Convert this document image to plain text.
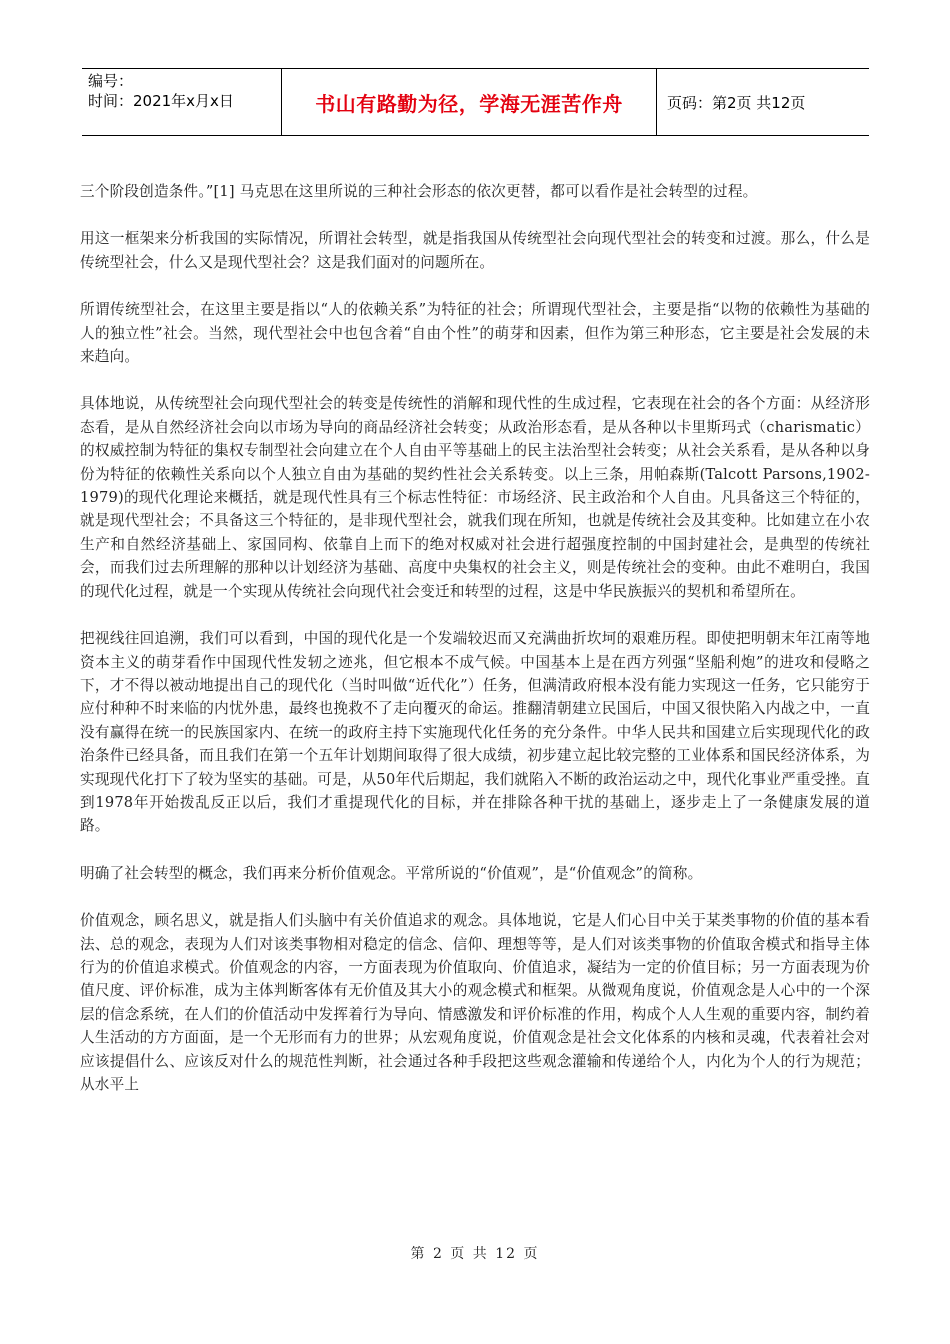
编号：
时间：2021年x月x日	书山有路勤为径，学海无涯苦作舟	页码：第2页 共12页

三个阶段创造条件。”[1] 马克思在这里所说的三种社会形态的依次更替，都可以看作是社会转型的过程。

用这一框架来分析我国的实际情况，所谓社会转型，就是指我国从传统型社会向现代型社会的转变和过渡。那么，什么是传统型社会，什么又是现代型社会？这是我们面对的问题所在。

所谓传统型社会，在这里主要是指以“人的依赖关系”为特征的社会；所谓现代型社会，主要是指“以物的依赖性为基础的人的独立性”社会。当然，现代型社会中也包含着“自由个性”的萌芽和因素，但作为第三种形态，它主要是社会发展的未来趋向。

具体地说，从传统型社会向现代型社会的转变是传统性的消解和现代性的生成过程，它表现在社会的各个方面：从经济形态看，是从自然经济社会向以市场为导向的商品经济社会转变；从政治形态看，是从各种以卡里斯玛式（charismatic）的权威控制为特征的集权专制型社会向建立在个人自由平等基础上的民主法治型社会转变；从社会关系看，是从各种以身份为特征的依赖性关系向以个人独立自由为基础的契约性社会关系转变。以上三条，用帕森斯(Talcott Parsons,1902-1979)的现代化理论来概括，就是现代性具有三个标志性特征：市场经济、民主政治和个人自由。凡具备这三个特征的，就是现代型社会；不具备这三个特征的，是非现代型社会，就我们现在所知，也就是传统社会及其变种。比如建立在小农生产和自然经济基础上、家国同构、依靠自上而下的绝对权威对社会进行超强度控制的中国封建社会，是典型的传统社会，而我们过去所理解的那种以计划经济为基础、高度中央集权的社会主义，则是传统社会的变种。由此不难明白，我国的现代化过程，就是一个实现从传统社会向现代社会变迁和转型的过程，这是中华民族振兴的契机和希望所在。

把视线往回追溯，我们可以看到，中国的现代化是一个发端较迟而又充满曲折坎坷的艰难历程。即使把明朝末年江南等地资本主义的萌芽看作中国现代性发轫之迹兆，但它根本不成气候。中国基本上是在西方列强“坚船利炮”的进攻和侵略之下，才不得以被动地提出自己的现代化（当时叫做“近代化”）任务，但满清政府根本没有能力实现这一任务，它只能穷于应付种种不时来临的内忧外患，最终也挽救不了走向覆灭的命运。推翻清朝建立民国后，中国又很快陷入内战之中，一直没有赢得在统一的民族国家内、在统一的政府主持下实施现代化任务的充分条件。中华人民共和国建立后实现现代化的政治条件已经具备，而且我们在第一个五年计划期间取得了很大成绩，初步建立起比较完整的工业体系和国民经济体系，为实现现代化打下了较为坚实的基础。可是，从50年代后期起，我们就陷入不断的政治运动之中，现代化事业严重受挫。直到1978年开始拨乱反正以后，我们才重提现代化的目标，并在排除各种干扰的基础上，逐步走上了一条健康发展的道路。

明确了社会转型的概念，我们再来分析价值观念。平常所说的“价值观”，是“价值观念”的简称。

价值观念，顾名思义，就是指人们头脑中有关价值追求的观念。具体地说，它是人们心目中关于某类事物的价值的基本看法、总的观念，表现为人们对该类事物相对稳定的信念、信仰、理想等等，是人们对该类事物的价值取舍模式和指导主体行为的价值追求模式。价值观念的内容，一方面表现为价值取向、价值追求，凝结为一定的价值目标；另一方面表现为价值尺度、评价标准，成为主体判断客体有无价值及其大小的观念模式和框架。从微观角度说，价值观念是人心中的一个深层的信念系统，在人们的价值活动中发挥着行为导向、情感激发和评价标准的作用，构成个人人生观的重要内容，制约着人生活动的方方面面，是一个无形而有力的世界；从宏观角度说，价值观念是社会文化体系的内核和灵魂，代表着社会对应该提倡什么、应该反对什么的规范性判断，社会通过各种手段把这些观念灌输和传递给个人，内化为个人的行为规范；从水平上

第 2 页 共 12 页
